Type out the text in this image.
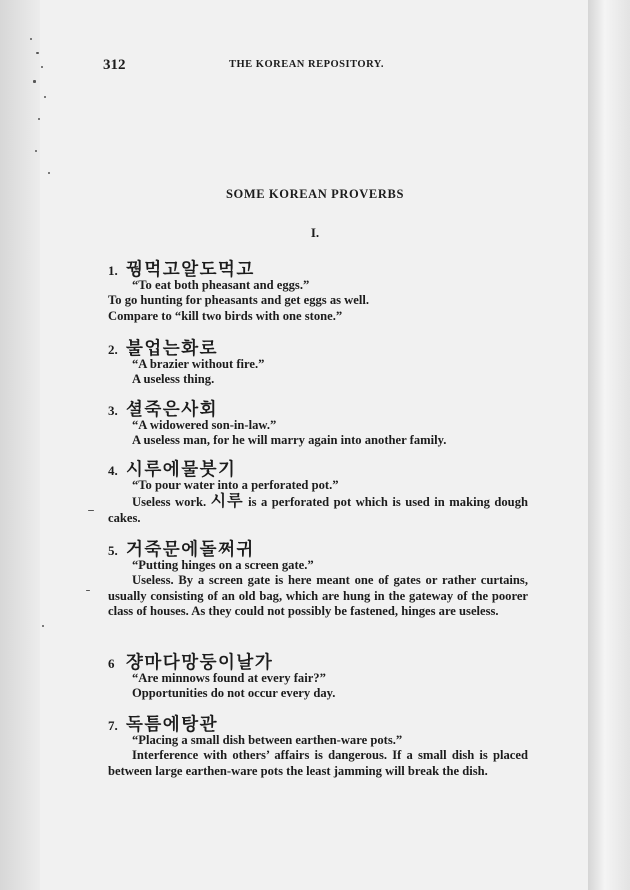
312	THE KOREAN REPOSITORY.
SOME KOREAN PROVERBS
I.
1. 꿩먹고알도먹고
“To eat both pheasant and eggs.”
To go hunting for pheasants and get eggs as well.
Compare to “kill two birds with one stone.”
2. 불업는화로
“A brazier without fire.”
A useless thing.
3. 셜죽은사회
“A widowered son-in-law.”
A useless man, for he will marry again into another family.
4. 시루에물붓기
“To pour water into a perforated pot.”
Useless work. 시루 is a perforated pot which is used in making dough cakes.
5. 거죽문에돌쩌귀
“Putting hinges on a screen gate.”
Useless. By a screen gate is here meant one of gates or rather curtains, usually consisting of an old bag, which are hung in the gateway of the poorer class of houses. As they could not possibly be fastened, hinges are useless.
6 쟝마다망둥이날가
“Are minnows found at every fair?”
Opportunities do not occur every day.
7. 독틈에탕관
“Placing a small dish between earthen-ware pots.”
Interference with others’ affairs is dangerous. If a small dish is placed between large earthen-ware pots the least jamming will break the dish.
